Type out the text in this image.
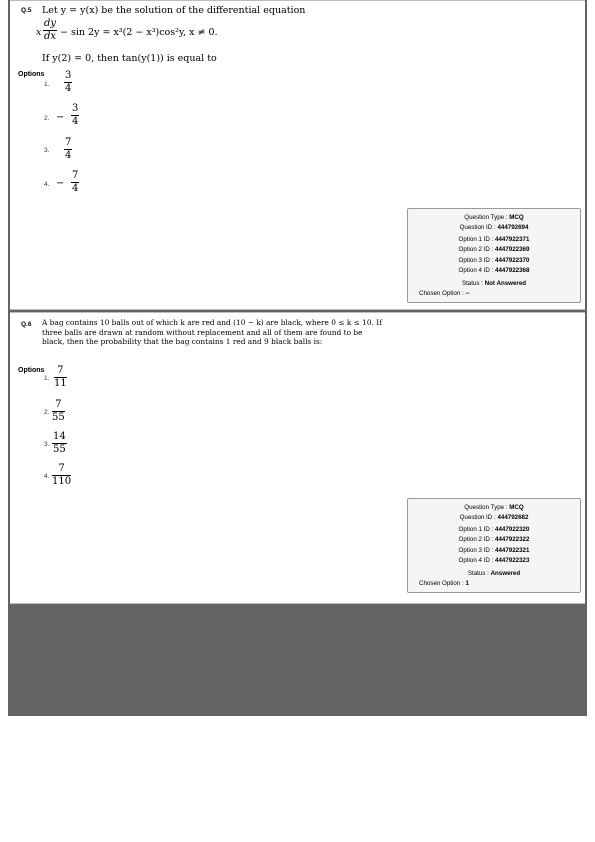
Q.5 Let y = y(x) be the solution of the differential equation
x
dy
dx − sin 2y = x³(2 − x³)cos²y, x ≠ 0.
If y(2) = 0, then tan(y(1)) is equal to
Options
1.
3
4
2. −
3
4
3.
7
4
4. −
7
4
Question Type : MCQ
Question ID : 444792694
Option 1 ID : 4447922371
Option 2 ID : 4447922369
Option 3 ID : 4447922370
Option 4 ID : 4447922368
Status : Not Answered
Chosen Option : --
Q.6 A bag contains 10 balls out of which k are red and (10 − k) are black, where 0 ≤ k ≤ 10. If three balls are drawn at random without replacement and all of them are found to be black, then the probability that the bag contains 1 red and 9 black balls is:
Options
1.
7
11
2.
7
55
3.
14
55
4.
7
110
Question Type : MCQ
Question ID : 444792682
Option 1 ID : 4447922320
Option 2 ID : 4447922322
Option 3 ID : 4447922321
Option 4 ID : 4447922323
Status : Answered
Chosen Option : 1
